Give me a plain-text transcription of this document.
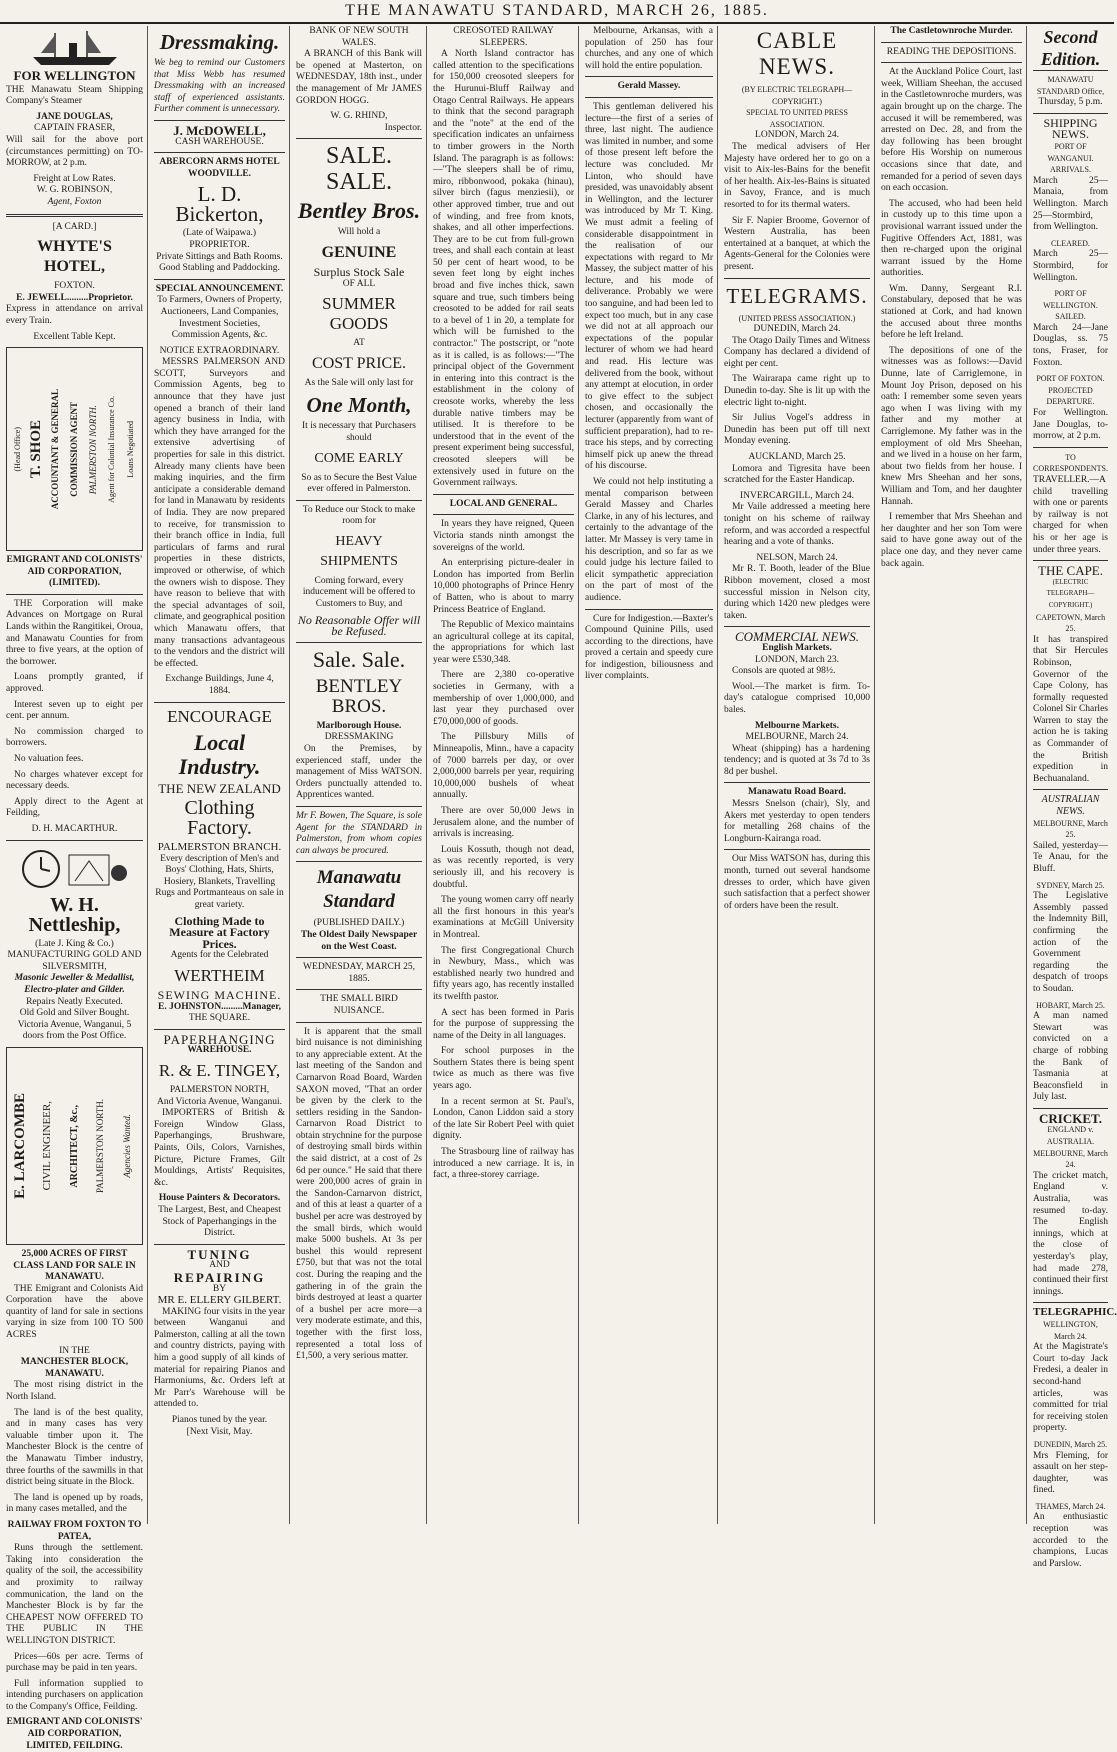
THE MANAWATU STANDARD, MARCH 26, 1885.
FOR WELLINGTON

THE Manawatu Steam Shipping Company's Steamer

JANE DOUGLAS,
CAPTAIN FRASER,

Will sail for the above port (circumstances permitting) on TO-MORROW, at 2 p.m.

Freight at Low Rates.
W. G. ROBINSON,
Agent, Foxton
[A CARD.]
WHYTE'S HOTEL,
FOXTON.
E. JEWELL.........Proprietor.

Express in attendance on arrival every Train.

Excellent Table Kept.
(Head Office) T. SHOE ACCOUNTANT & GENERAL COMMISSION AGENT PALMERSTON NORTH. Agent for Colonial Insurance Co. Loans Negotiated
EMIGRANT AND COLONISTS' AID CORPORATION, (LIMITED).

THE Corporation will make Advances on Mortgage on Rural Lands within the Rangitikei, Oroua, and Manawatu Counties for from three to five years, at the option of the borrower.

Loans promptly granted, if approved.

Interest seven up to eight per cent. per annum.

No commission charged to borrowers.

No valuation fees.

No charges whatever except for necessary deeds.

Apply direct to the Agent at Feilding,

D. H. MACARTHUR.
W. H. Nettleship,
(Late J. King & Co.)
MANUFACTURING GOLD AND SILVERSMITH,
Masonic Jeweller & Medallist, Electro-plater and Gilder.
Repairs Neatly Executed.
Old Gold and Silver Bought.
Victoria Avenue, Wanganui, 5 doors from the Post Office.
E. LARCOMBE CIVIL ENGINEER, ARCHITECT, &c., PALMERSTON NORTH. Agencies Wanted.
25,000 ACRES OF FIRST CLASS LAND FOR SALE IN MANAWATU.

THE Emigrant and Colonists Aid Corporation have the above quantity of land for sale in sections varying in size from 100 TO 500 ACRES

IN THE
MANCHESTER BLOCK, MANAWATU.

The most rising district in the North Island.

The land is of the best quality, and in many cases has very valuable timber upon it. The Manchester Block is the centre of the Manawatu Timber industry, three fourths of the sawmills in that district being situate in the Block.

The land is opened up by roads, in many cases metalled, and the

RAILWAY FROM FOXTON TO PATEA,

Runs through the settlement. Taking into consideration the quality of the soil, the accessibility and proximity to railway communication, the land on the Manchester Block is by far the CHEAPEST NOW OFFERED TO THE PUBLIC IN THE WELLINGTON DISTRICT.

Prices—60s per acre. Terms of purchase may be paid in ten years.

Full information supplied to intending purchasers on application to the Company's Office, Feilding.

EMIGRANT AND COLONISTS' AID CORPORATION, LIMITED, FEILDING.
Dressmaking.

We beg to remind our Customers that Miss Webb has resumed Dressmaking with an increased staff of experienced assistants. Further comment is unnecessary.

J. McDOWELL,
CASH WAREHOUSE.
ABERCORN ARMS HOTEL
WOODVILLE.
L. D. Bickerton,
(Late of Waipawa.)
PROPRIETOR.
Private Sittings and Bath Rooms.
Good Stabling and Paddocking.
SPECIAL ANNOUNCEMENT.

To Farmers, Owners of Property, Auctioneers, Land Companies, Investment Societies, Commission Agents, &c.

NOTICE EXTRAORDINARY.

MESSRS PALMERSON AND SCOTT, Surveyors and Commission Agents, beg to announce that they have just opened a branch of their land agency business in India, with which they have arranged for the extensive advertising of properties for sale in this district. Already many clients have been making inquiries, and the firm anticipate a considerable demand for land in Manawatu by residents of India. They are now prepared to receive, for transmission to their branch office in India, full particulars of farms and rural properties in these districts, improved or otherwise, of which the owners wish to dispose. They have reason to believe that with the special advantages of soil, climate, and geographical position which Manawatu offers, that many transactions advantageous to the vendors and the district will be effected.

Exchange Buildings, June 4, 1884.
ENCOURAGE
Local Industry.
THE NEW ZEALAND
Clothing Factory.
PALMERSTON BRANCH.

Every description of Men's and Boys' Clothing, Hats, Shirts, Hosiery, Blankets, Travelling Rugs and Portmanteaus on sale in great variety.

Clothing Made to Measure at Factory Prices.
Agents for the Celebrated
WERTHEIM
SEWING MACHINE.
E. JOHNSTON.........Manager,
THE SQUARE.
PAPERHANGING
WAREHOUSE.
R. & E. TINGEY,
PALMERSTON NORTH,
And Victoria Avenue, Wanganui.

IMPORTERS of British & Foreign Window Glass, Paperhangings, Brushware, Paints, Oils, Colors, Varnishes, Picture, Picture Frames, Gilt Mouldings, Artists' Requisites, &c.

House Painters & Decorators.

The Largest, Best, and Cheapest Stock of Paperhangings in the District.

TUNING
AND
REPAIRING
BY
MR E. ELLERY GILBERT.

MAKING four visits in the year between Wanganui and Palmerston, calling at all the town and country districts, paying with him a good supply of all kinds of material for repairing Pianos and Harmoniums, &c. Orders left at Mr Parr's Warehouse will be attended to.

Pianos tuned by the year.
[Next Visit, May.
BANK OF NEW SOUTH WALES.

A BRANCH of this Bank will be opened at Masterton, on WEDNESDAY, 18th inst., under the management of Mr JAMES GORDON HOGG.

W. G. RHIND,
Inspector.
SALE. SALE.
Bentley Bros.
Will hold a
GENUINE
Surplus Stock Sale
OF ALL
SUMMER GOODS
AT
COST PRICE.
As the Sale will only last for
One Month,
It is necessary that Purchasers should
COME EARLY

So as to Secure the Best Value ever offered in Palmerston.

To Reduce our Stock to make room for

HEAVY SHIPMENTS

Coming forward, every inducement will be offered to Customers to Buy, and

No Reasonable Offer will be Refused.
Sale. Sale.
BENTLEY BROS.
Marlborough House.
DRESSMAKING

On the Premises, by experienced staff, under the management of Miss WATSON. Orders punctually attended to. Apprentices wanted.

Mr F. Bowen, The Square, is sole Agent for the STANDARD in Palmerston, from whom copies can always be procured.

Manawatu Standard
(PUBLISHED DAILY.)
The Oldest Daily Newspaper on the West Coast.
WEDNESDAY, MARCH 25, 1885.
THE SMALL BIRD NUISANCE.

It is apparent that the small bird nuisance is not diminishing to any appreciable extent. At the last meeting of the Sandon and Carnarvon Road Board, Warden SAXON moved, "That an order be given by the clerk to the settlers residing in the Sandon-Carnarvon Road District to obtain strychnine for the purpose of destroying small birds within the said district, at a cost of 2s 6d per ounce." He said that there were 200,000 acres of grain in the Sandon-Carnarvon district, and of this at least a quarter of a bushel per acre was destroyed by the small birds, which would make 5000 bushels. At 3s per bushel this would represent £750, but that was not the total cost. During the reaping and the gathering in of the grain the birds destroyed at least a quarter of a bushel per acre more—a very moderate estimate, and this, together with the first loss, represented a total loss of £1,500, a very serious matter.

CREOSOTED RAILWAY SLEEPERS.

A North Island contractor has called attention to the specifications for 150,000 creosoted sleepers for the Hurunui-Bluff Railway and Otago Central Railways. He appears to think that the second paragraph and the "note" at the end of the specification indicates an unfairness to timber growers in the North Island. The paragraph is as follows:—"The sleepers shall be of rimu, miro, ribbonwood, pokaka (hinau), silver birch (fagus menziesii), or other approved timber, true and out of winding, and free from knots, shakes, and all other imperfections. They are to be cut from full-grown trees, and shall each contain at least 50 per cent of heart wood, to be seven feet long by eight inches broad and five inches thick, sawn square and true, such timbers being creosoted to be added for rail seats to a bevel of 1 in 20, a template for which will be furnished to the contractor." The postscript, or "note as it is called, is as follows:—"The principal object of the Government in entering into this contract is the establishment in the colony of creosote works, whereby the less durable native timbers may be utilised. It is therefore to be understood that in the event of the present experiment being successful, creosoted sleepers will be extensively used in future on the Government railways.

LOCAL AND GENERAL.

In years they have reigned, Queen Victoria stands ninth amongst the sovereigns of the world.

An enterprising picture-dealer in London has imported from Berlin 10,000 photographs of Prince Henry of Batten, who is about to marry Princess Beatrice of England.

The Republic of Mexico maintains an agricultural college at its capital, the appropriations for which last year were £530,348.

There are 2,380 co-operative societies in Germany, with a membership of over 1,000,000, and last year they purchased over £70,000,000 of goods.

The Pillsbury Mills of Minneapolis, Minn., have a capacity of 7000 barrels per day, or over 2,000,000 barrels per year, requiring 10,000,000 bushels of wheat annually.

There are over 50,000 Jews in Jerusalem alone, and the number of arrivals is increasing.

Louis Kossuth, though not dead, as was recently reported, is very seriously ill, and his recovery is doubtful.

The young women carry off nearly all the first honours in this year's examinations at McGill University in Montreal.

The first Congregational Church in Newbury, Mass., which was established nearly two hundred and fifty years ago, has recently installed its twelfth pastor.

A sect has been formed in Paris for the purpose of suppressing the name of the Deity in all languages.

For school purposes in the Southern States there is being spent twice as much as there was five years ago.

In a recent sermon at St. Paul's, London, Canon Liddon said a story of the late Sir Robert Peel with quiet dignity.

The Strasbourg line of railway has introduced a new carriage. It is, in fact, a three-storey carriage.

Melbourne, Arkansas, with a population of 250 has four churches, and any one of which will hold the entire population.

Gerald Massey.

This gentleman delivered his lecture—the first of a series of three, last night. The audience was limited in number, and some of those present left before the lecture was concluded. Mr Linton, who should have presided, was unavoidably absent in Wellington, and the lecturer was introduced by Mr T. King. We must admit a feeling of considerable disappointment in the realisation of our expectations with regard to Mr Massey, the subject matter of his lecture, and his mode of deliverance. Probably we were too sanguine, and had been led to expect too much, but in any case we did not at all approach our expectations of the popular lecturer of whom we had heard and read. His lecture was delivered from the book, without any attempt at elocution, in order to give effect to the subject chosen, and occasionally the lecturer (apparently from want of sufficient preparation), had to re-trace his steps, and by correcting himself pick up anew the thread of his discourse.

We could not help instituting a mental comparison between Gerald Massey and Charles Clarke, in any of his lectures, and certainly to the advantage of the latter. Mr Massey is very tame in his description, and so far as we could judge his lecture failed to elicit sympathetic appreciation on the part of most of the audience.

Cure for Indigestion.—Baxter's Compound Quinine Pills, used according to the directions, have proved a certain and speedy cure for indigestion, biliousness and liver complaints.

CABLE NEWS.
(BY ELECTRIC TELEGRAPH—COPYRIGHT.)
SPECIAL TO UNITED PRESS ASSOCIATION.
LONDON, March 24.

The medical advisers of Her Majesty have ordered her to go on a visit to Aix-les-Bains for the benefit of her health. Aix-les-Bains is situated in Savoy, France, and is much resorted to for its thermal waters.

Sir F. Napier Broome, Governor of Western Australia, has been entertained at a banquet, at which the Agents-General for the Colonies were present.

TELEGRAMS.
(UNITED PRESS ASSOCIATION.)
DUNEDIN, March 24.

The Otago Daily Times and Witness Company has declared a dividend of eight per cent.

The Wairarapa came right up to Dunedin to-day. She is lit up with the electric light to-night.

Sir Julius Vogel's address in Dunedin has been put off till next Monday evening.

AUCKLAND, March 25.

Lomora and Tigresita have been scratched for the Easter Handicap.

INVERCARGILL, March 24.

Mr Vaile addressed a meeting here tonight on his scheme of railway reform, and was accorded a respectful hearing and a vote of thanks.

NELSON, March 24.

Mr R. T. Booth, leader of the Blue Ribbon movement, closed a most successful mission in Nelson city, during which 1420 new pledges were taken.

COMMERCIAL NEWS.
English Markets.
LONDON, March 23.

Consols are quoted at 98½.

Wool.—The market is firm. To-day's catalogue comprised 10,000 bales.

Melbourne Markets.
MELBOURNE, March 24.

Wheat (shipping) has a hardening tendency; and is quoted at 3s 7d to 3s 8d per bushel.

Manawatu Road Board.

Messrs Snelson (chair), Sly, and Akers met yesterday to open tenders for metalling 268 chains of the Longburn-Kairanga road.

Our Miss WATSON has, during this month, turned out several handsome dresses to order, which have given such satisfaction that a perfect shower of orders have been the result.

The Castletownroche Murder.
READING THE DEPOSITIONS.

At the Auckland Police Court, last week, William Sheehan, the accused in the Castletownroche murders, was again brought up on the charge. The accused it will be remembered, was arrested on Dec. 28, and from the day following has been brought before His Worship on numerous occasions since that date, and remanded for a period of seven days on each occasion.

The accused, who had been held in custody up to this time upon a provisional warrant issued under the Fugitive Offenders Act, 1881, was then re-charged upon the original warrant issued by the Home authorities.

Wm. Danny, Sergeant R.I. Constabulary, deposed that he was stationed at Cork, and had known the accused about three months before he left Ireland.

The depositions of one of the witnesses was as follows:—David Dunne, late of Carriglemone, in Mount Joy Prison, deposed on his oath: I remember some seven years ago when I was living with my father and my mother at Carriglemone. My father was in the employment of old Mrs Sheehan, and we lived in a house on her farm, about two fields from her house. I knew Mrs Sheehan and her sons, William and Tom, and her daughter Hannah.

I remember that Mrs Sheehan and her daughter and her son Tom were said to have gone away out of the place one day, and they never came back again.

Second Edition.
MANAWATU STANDARD Office,
Thursday, 5 p.m.
SHIPPING NEWS.
PORT OF WANGANUI.
ARRIVALS.

March 25—Manaia, from Wellington. March 25—Stormbird, from Wellington.

CLEARED.

March 25—Stormbird, for Wellington.

PORT OF WELLINGTON.
SAILED.

March 24—Jane Douglas, ss. 75 tons, Fraser, for Foxton.

PORT OF FOXTON.
PROJECTED DEPARTURE.

For Wellington. Jane Douglas, to-morrow, at 2 p.m.

TO CORRESPONDENTS.

TRAVELLER.—A child travelling with one or parents by railway is not charged for when his or her age is under three years.

THE CAPE.
(ELECTRIC TELEGRAPH—COPYRIGHT.)
CAPETOWN, March 25.

It has transpired that Sir Hercules Robinson, Governor of the Cape Colony, has formally requested Colonel Sir Charles Warren to stay the action he is taking as Commander of the British expedition in Bechuanaland.

AUSTRALIAN NEWS.
MELBOURNE, March 25.

Sailed, yesterday—Te Anau, for the Bluff.

SYDNEY, March 25.

The Legislative Assembly passed the Indemnity Bill, confirming the action of the Government regarding the despatch of troops to Soudan.

HOBART, March 25.

A man named Stewart was convicted on a charge of robbing the Bank of Tasmania at Beaconsfield in July last.

CRICKET.
ENGLAND v. AUSTRALIA.
MELBOURNE, March 24.

The cricket match, England v. Australia, was resumed to-day. The English innings, which at the close of yesterday's play, had made 278, continued their first innings.

TELEGRAPHIC.
WELLINGTON, March 24.

At the Magistrate's Court to-day Jack Fredesi, a dealer in second-hand articles, was committed for trial for receiving stolen property.

DUNEDIN, March 25.

Mrs Fleming, for assault on her step-daughter, was fined.

THAMES, March 24.

An enthusiastic reception was accorded to the champions, Lucas and Parslow.
